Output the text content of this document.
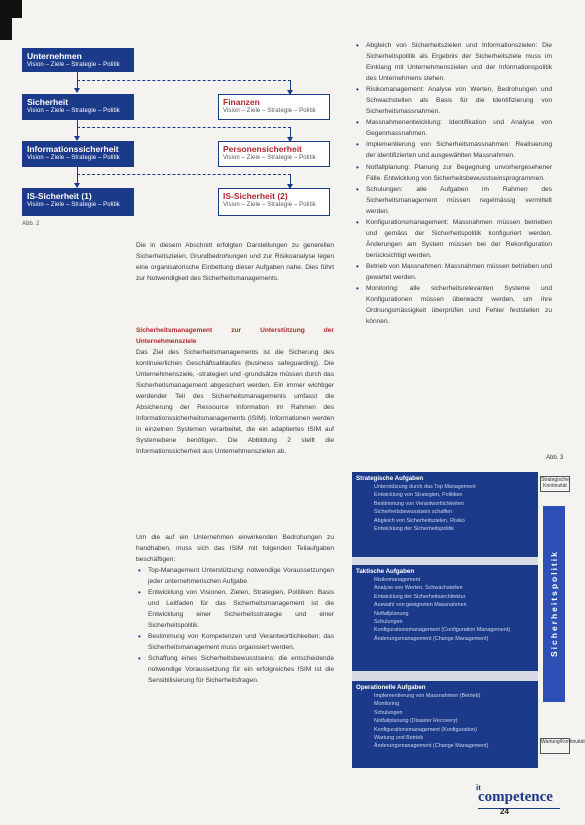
Unternehmen
Vision – Ziele – Strategie – Politik
Sicherheit
Vision – Ziele – Strategie – Politik
Finanzen
Vision – Ziele – Strategie – Politik
Informationssicherheit
Vision – Ziele – Strategie – Politik
Personensicherheit
Vision – Ziele – Strategie – Politik
IS-Sicherheit (1)
Vision – Ziele – Strategie – Politik
IS-Sicherheit (2)
Vision – Ziele – Strategie – Politik
Abb. 2

Die in diesem Abschnitt erfolgten Darstellungen zu generellen Sicherheitszielen, Grundbedrohungen und zur Risikoanalyse legen eine organisatorische Einbettung dieser Aufgaben nahe. Dies führt zur Notwendigkeit des Sicherheitsmanagements.

Sicherheitsmanagement zur Unterstützung der Unternehmensziele

Das Ziel des Sicherheitsmanagements ist die Sicherung des kontinuierlichen Geschäftsablaufes (business safeguarding). Die Unternehmensziele, -strategien und -grundsätze müssen durch das Sicherheitsmanagement abgesichert werden. Ein immer wichtiger werdender Teil des Sicherheitsmanagements umfasst die Absicherung der Ressource Information im Rahmen des Informationssicherheitsmanagements (ISIM). Informationen werden in einzelnen Systemen verarbeitet, die ein adaptiertes ISIM auf Systemebene benötigen. Die Abbildung 2 stellt die Informationssicherheit aus Unternehmenszielen ab.

Um die auf ein Unternehmen einwirkenden Bedrohungen zu handhaben, muss sich das ISIM mit folgenden Teilaufgaben beschäftigen:

• Top-Management Unterstützung: notwendige Voraussetzungen jeder unternehmerischen Aufgabe.
• Entwicklung von Visionen, Zielen, Strategien, Politiken: Basis und Leitfaden für das Sicherheitsmanagement ist die Entwicklung einer Sicherheitsstrategie und einer Sicherheitspolitik.
• Bestimmung von Kompetenzen und Verantwortlichkeiten: das Sicherheitsmanagement muss organisiert werden.
• Schaffung eines Sicherheitsbewusstseins: die entscheidende notwendige Voraussetzung für ein erfolgreiches ISIM ist die Sensibilisierung für Sicherheitsfragen.
• Abgleich von Sicherheitszielen und Informationszielen: Die Sicherheitspolitik als Ergebnis der Sicherheitsziele muss im Einklang mit Unternehmenszielen und der Informationspolitik des Unternehmens stehen.
• Risikomanagement: Analyse von Werten, Bedrohungen und Schwachstellen als Basis für die Identifizierung von Sicherheitsmassnahmen.
• Massnahmenentwicklung: Identifikation und Analyse von Gegenmassnahmen.
• Implementierung von Sicherheitsmassnahmen: Realisierung der identifizierten und ausgewählten Massnahmen.
• Notfallplanung: Planung zur Begegnung unvorhergesehener Fälle. Entwicklung von Sicherheitsbewusstseinsprogrammen.
• Schulungen: alle Aufgaben im Rahmen des Sicherheitsmanagement müssen regelmässig vermittelt werden.
• Konfigurationsmanagement: Massnahmen müssen betrieben und gemäss der Sicherheitspolitik konfiguriert werden. Änderungen am System müssen bei der Rekonfiguration berücksichtigt werden.
• Betrieb von Massnahmen: Massnahmen müssen betrieben und gewartet werden.
• Monitoring: alle sicherheitsrelevanten Systeme und Konfigurationen müssen überwacht werden, um ihre Ordnungsmässigkeit überprüfen und Fehler feststellen zu können.
Abb. 3
Strategische Aufgaben
Unterstützung durch das Top Management
Entwicklung von Strategien, Politiken
Bestimmung von Verantwortlichkeiten
Sicherheitsbewusstsein schaffen
Abgleich von Sicherheitszielen, Risiko
Entwicklung der Sicherheitspolitik
Taktische Aufgaben
Risikomanagement
Analyse von Werten, Schwachstellen
Entwicklung der Sicherheitsarchitektur
Auswahl von geeigneten Massnahmen
Notfallplanung
Schulungen
Konfigurationsmanagement (Configuration Management)
Änderungsmanagement (Change Management)
Operationelle Aufgaben
Implementierung von Massnahmen (Betrieb)
Monitoring
Schulungen
Notfallplanung (Disaster Recovery)
Konfigurationsmanagement (Konfiguration)
Wartung und Betrieb
Änderungsmanagement (Change Management)
Sicherheitspolitik
Strategische Kontinuität
Wartung/Kontinuität
it
competence
24
